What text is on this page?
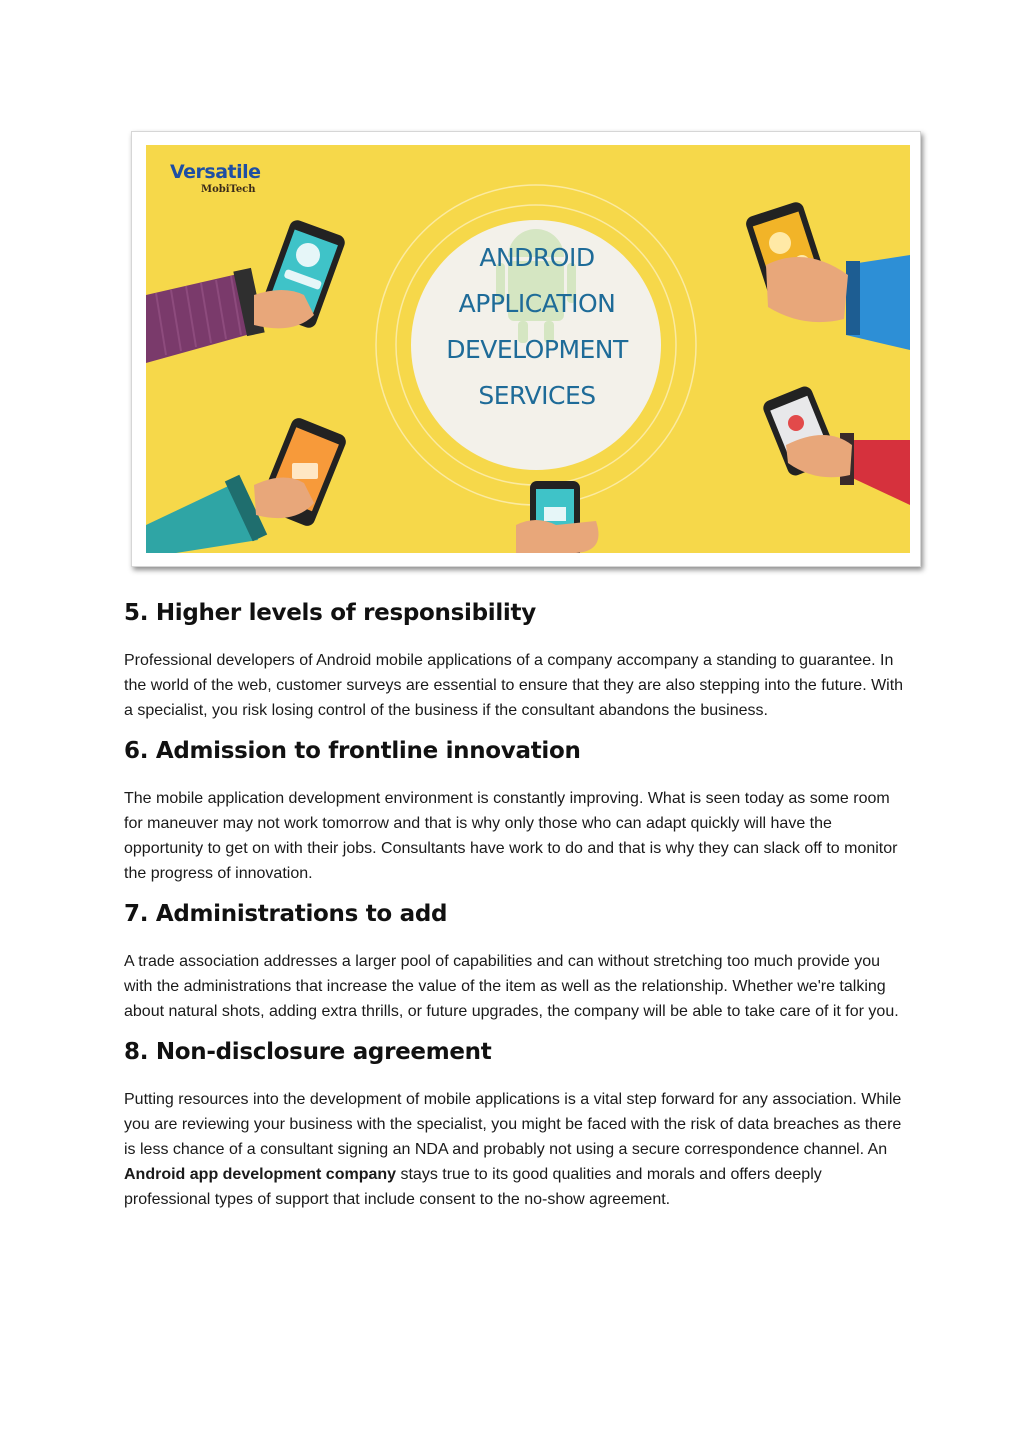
Versatile
MobiTech
ANDROID
APPLICATION
DEVELOPMENT
SERVICES
5. Higher levels of responsibility

Professional developers of Android mobile applications of a company accompany a standing to guarantee. In the world of the web, customer surveys are essential to ensure that they are also stepping into the future. With a specialist, you risk losing control of the business if the consultant abandons the business.

6. Admission to frontline innovation

The mobile application development environment is constantly improving. What is seen today as some room for maneuver may not work tomorrow and that is why only those who can adapt quickly will have the opportunity to get on with their jobs. Consultants have work to do and that is why they can slack off to monitor the progress of innovation.

7. Administrations to add

A trade association addresses a larger pool of capabilities and can without stretching too much provide you with the administrations that increase the value of the item as well as the relationship. Whether we're talking about natural shots, adding extra thrills, or future upgrades, the company will be able to take care of it for you.

8. Non-disclosure agreement

Putting resources into the development of mobile applications is a vital step forward for any association. While you are reviewing your business with the specialist, you might be faced with the risk of data breaches as there is less chance of a consultant signing an NDA and probably not using a secure correspondence channel. An Android app development company stays true to its good qualities and morals and offers deeply professional types of support that include consent to the no-show agreement.
